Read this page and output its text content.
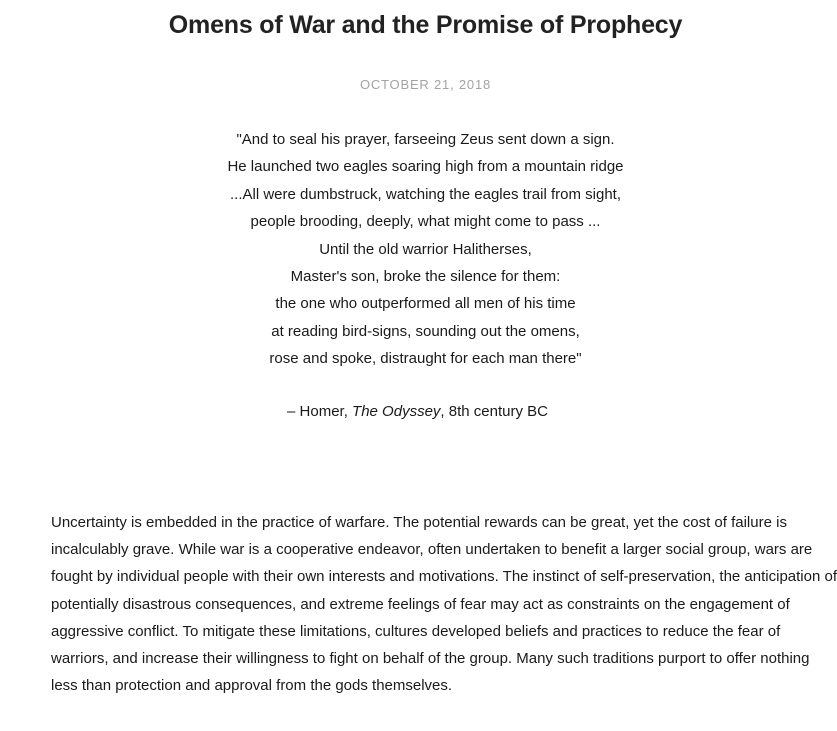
Omens of War and the Promise of Prophecy
OCTOBER 21, 2018
"And to seal his prayer, farseeing Zeus sent down a sign.
He launched two eagles soaring high from a mountain ridge
...All were dumbstruck, watching the eagles trail from sight,
people brooding, deeply, what might come to pass ...
Until the old warrior Halitherses,
Master's son, broke the silence for them:
the one who outperformed all men of his time
at reading bird-signs, sounding out the omens,
rose and spoke, distraught for each man there"
– Homer, The Odyssey, 8th century BC

Uncertainty is embedded in the practice of warfare. The potential rewards can be great, yet the cost of failure is incalculably grave. While war is a cooperative endeavor, often undertaken to benefit a larger social group, wars are fought by individual people with their own interests and motivations. The instinct of self-preservation, the anticipation of potentially disastrous consequences, and extreme feelings of fear may act as constraints on the engagement of aggressive conflict. To mitigate these limitations, cultures developed beliefs and practices to reduce the fear of warriors, and increase their willingness to fight on behalf of the group. Many such traditions purport to offer nothing less than protection and approval from the gods themselves.
